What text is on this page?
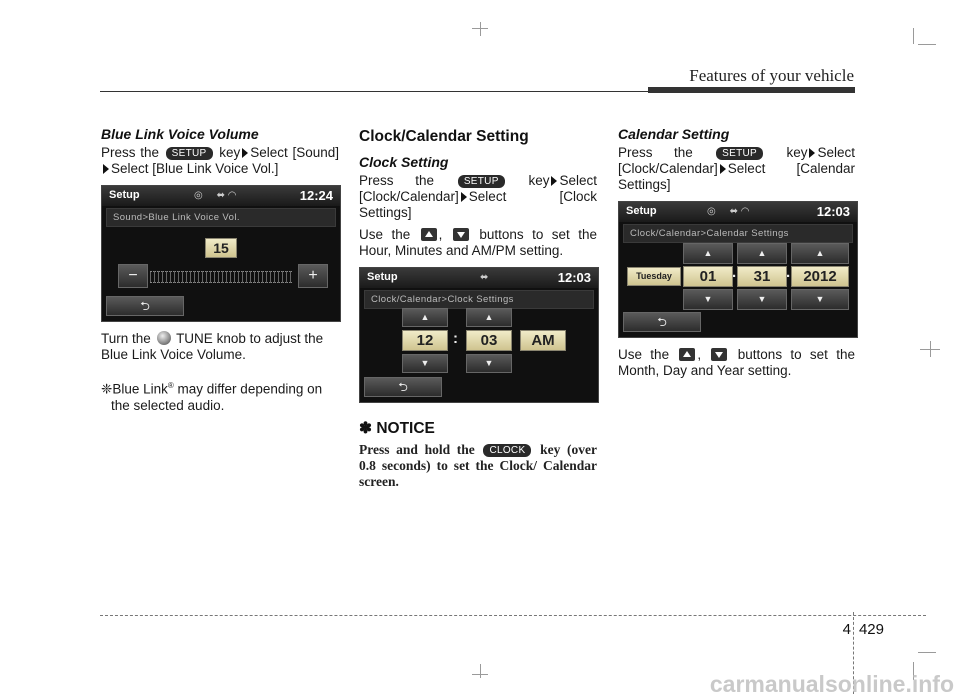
Features of your vehicle
Blue Link Voice Volume

Press the SETUP key Select [Sound]Select [Blue Link Voice Vol.]

Setup	◎     ⬌ ◠	12:24
Sound>Blue Link Voice Vol.
15
−	+
⮌

Turn the TUNE knob to adjust the Blue Link Voice Volume.

❈Blue Link® may differ depending on the selected audio.

Clock/Calendar Setting
Clock Setting

Press the	SETUP key Select [Clock/Calendar] Select [Clock Settings]

Use the ,	buttons to set the Hour, Minutes and AM/PM setting.

Setup	⬌	12:03
Clock/Calendar>Clock Settings
▲	▲
12	:	03	AM
▼	▼
⮌
✽ NOTICE

Press and hold the CLOCK key (over 0.8 seconds) to set the Clock/ Calendar screen.

Calendar Setting

Press the	SETUP key Select [Clock/Calendar] Select [Calendar Settings]

Setup	◎     ⬌ ◠	12:03
Clock/Calendar>Calendar Settings
▲	▲	▲
Tuesday	01	.	31	. 2012
▼	▼	▼
⮌

Use the ,	buttons to set the Month, Day and Year setting.

4 429
carmanualsonline.info
